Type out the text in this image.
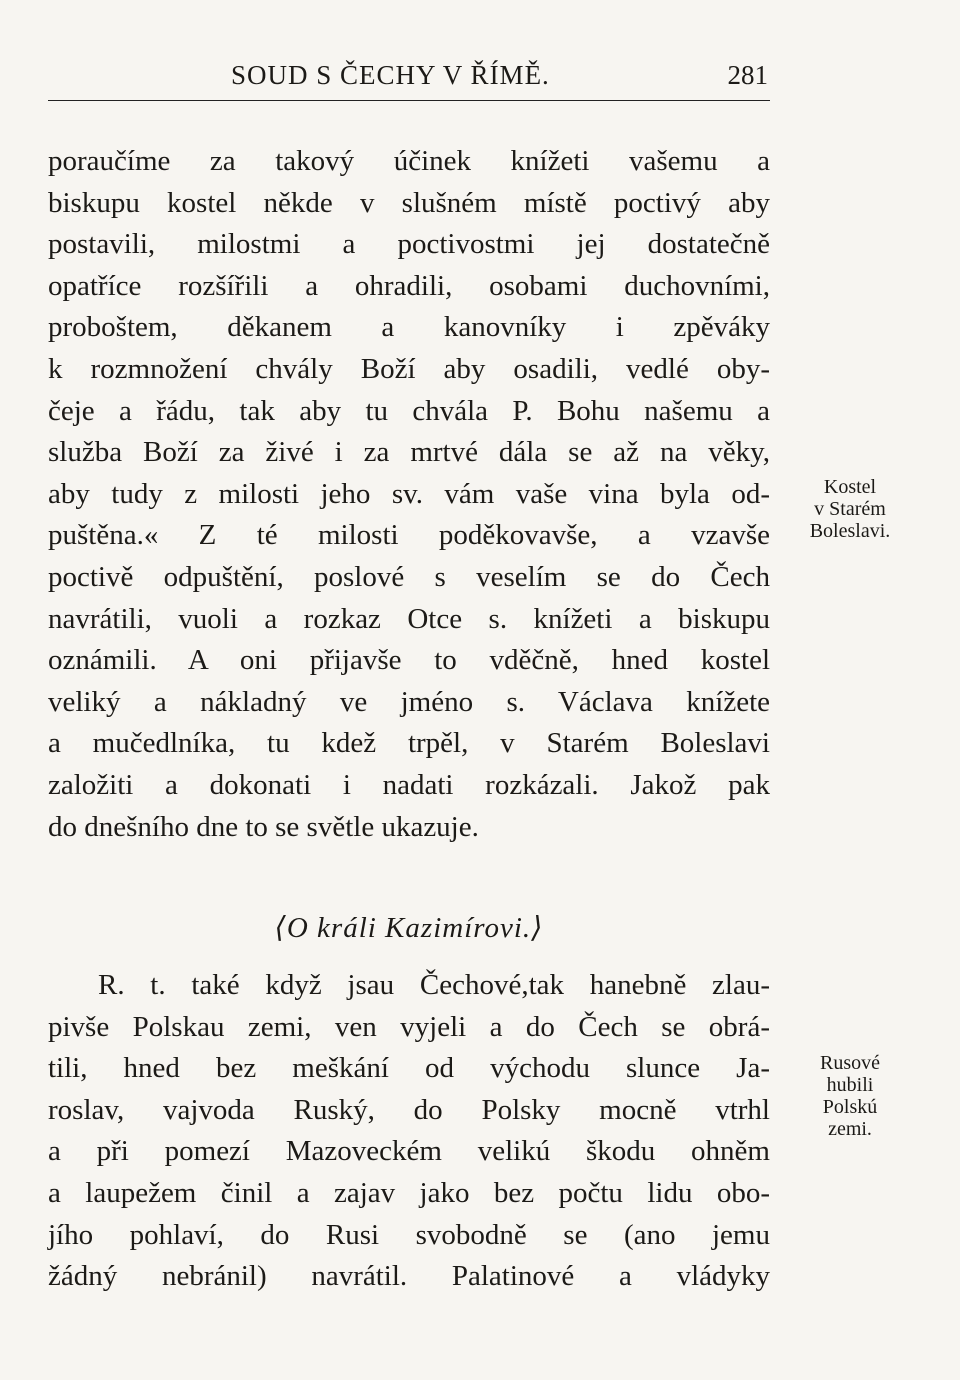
SOUD S ČECHY V ŘÍMĚ.	281
poraučíme za takový účinek knížeti vašemu a
biskupu kostel někde v slušném místě poctivý aby
postavili, milostmi a poctivostmi jej dostatečně
opatříce rozšířili a ohradili, osobami duchovními,
proboštem, děkanem a kanovníky i zpěváky
k rozmnožení chvály Boží aby osadili, vedlé oby-
čeje a řádu, tak aby tu chvála P. Bohu našemu a
služba Boží za živé i za mrtvé dála se až na věky,
aby tudy z milosti jeho sv. vám vaše vina byla od-
puštěna.« Z té milosti poděkovavše, a vzavše
poctivě odpuštění, poslové s veselím se do Čech
navrátili, vuoli a rozkaz Otce s. knížeti a biskupu
oznámili. A oni přijavše to vděčně, hned kostel
veliký a nákladný ve jméno s. Václava knížete
a mučedlníka, tu kdež trpěl, v Starém Boleslavi
založiti a dokonati i nadati rozkázali. Jakož pak
do dnešního dne to se světle ukazuje.
⟨O králi Kazimírovi.⟩
R. t. také když jsau Čechové,tak hanebně zlau-
pivše Polskau zemi, ven vyjeli a do Čech se obrá-
tili, hned bez meškání od východu slunce Ja-
roslav, vajvoda Ruský, do Polsky mocně vtrhl
a při pomezí Mazoveckém velikú škodu ohněm
a laupežem činil a zajav jako bez počtu lidu obo-
jího pohlaví, do Rusi svobodně se (ano jemu
žádný nebránil) navrátil. Palatinové a vládyky
Kostel
v Starém
Boleslavi.
Rusové
hubili
Polskú
zemi.
